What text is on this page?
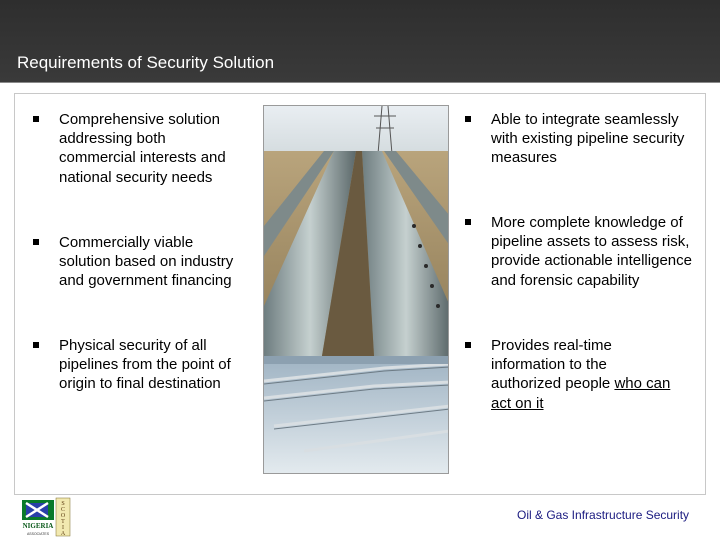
Requirements of Security Solution
Comprehensive solution addressing both commercial interests and national security needs
Commercially viable solution based on industry and government financing
Physical security of all pipelines from the point of origin to final destination
Able to integrate seamlessly with existing pipeline security measures
More complete knowledge of pipeline assets to assess risk, provide actionable intelligence and forensic capability
Provides real-time information to the authorized people who can act on it
S
C
O
T
I
A
NIGERIA
ASSOCIATES
Oil & Gas Infrastructure Security
